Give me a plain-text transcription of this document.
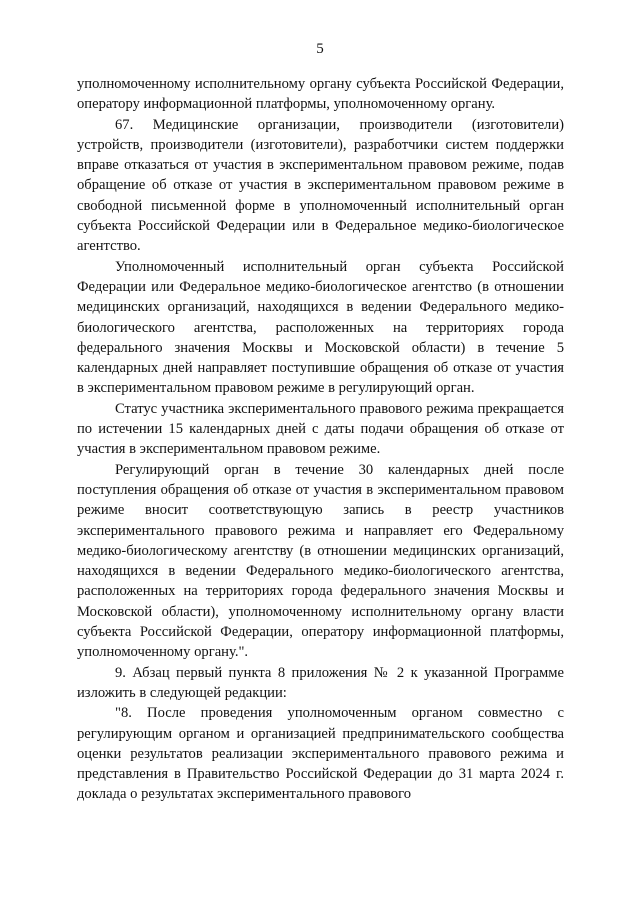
5

уполномоченному исполнительному органу субъекта Российской Федерации, оператору информационной платформы, уполномоченному органу.

67. Медицинские организации, производители (изготовители) устройств, производители (изготовители), разработчики систем поддержки вправе отказаться от участия в экспериментальном правовом режиме, подав обращение об отказе от участия в экспериментальном правовом режиме в свободной письменной форме в уполномоченный исполнительный орган субъекта Российской Федерации или в Федеральное медико-биологическое агентство.

Уполномоченный исполнительный орган субъекта Российской Федерации или Федеральное медико-биологическое агентство (в отношении медицинских организаций, находящихся в ведении Федерального медико-биологического агентства, расположенных на территориях города федерального значения Москвы и Московской области) в течение 5 календарных дней направляет поступившие обращения об отказе от участия в экспериментальном правовом режиме в регулирующий орган.

Статус участника экспериментального правового режима прекращается по истечении 15 календарных дней с даты подачи обращения об отказе от участия в экспериментальном правовом режиме.

Регулирующий орган в течение 30 календарных дней после поступления обращения об отказе от участия в экспериментальном правовом режиме вносит соответствующую запись в реестр участников экспериментального правового режима и направляет его Федеральному медико-биологическому агентству (в отношении медицинских организаций, находящихся в ведении Федерального медико-биологического агентства, расположенных на территориях города федерального значения Москвы и Московской области), уполномоченному исполнительному органу власти субъекта Российской Федерации, оператору информационной платформы, уполномоченному органу.".

9. Абзац первый пункта 8 приложения № 2 к указанной Программе изложить в следующей редакции:

"8. После проведения уполномоченным органом совместно с регулирующим органом и организацией предпринимательского сообщества оценки результатов реализации экспериментального правового режима и представления в Правительство Российской Федерации до 31 марта 2024 г. доклада о результатах экспериментального правового
